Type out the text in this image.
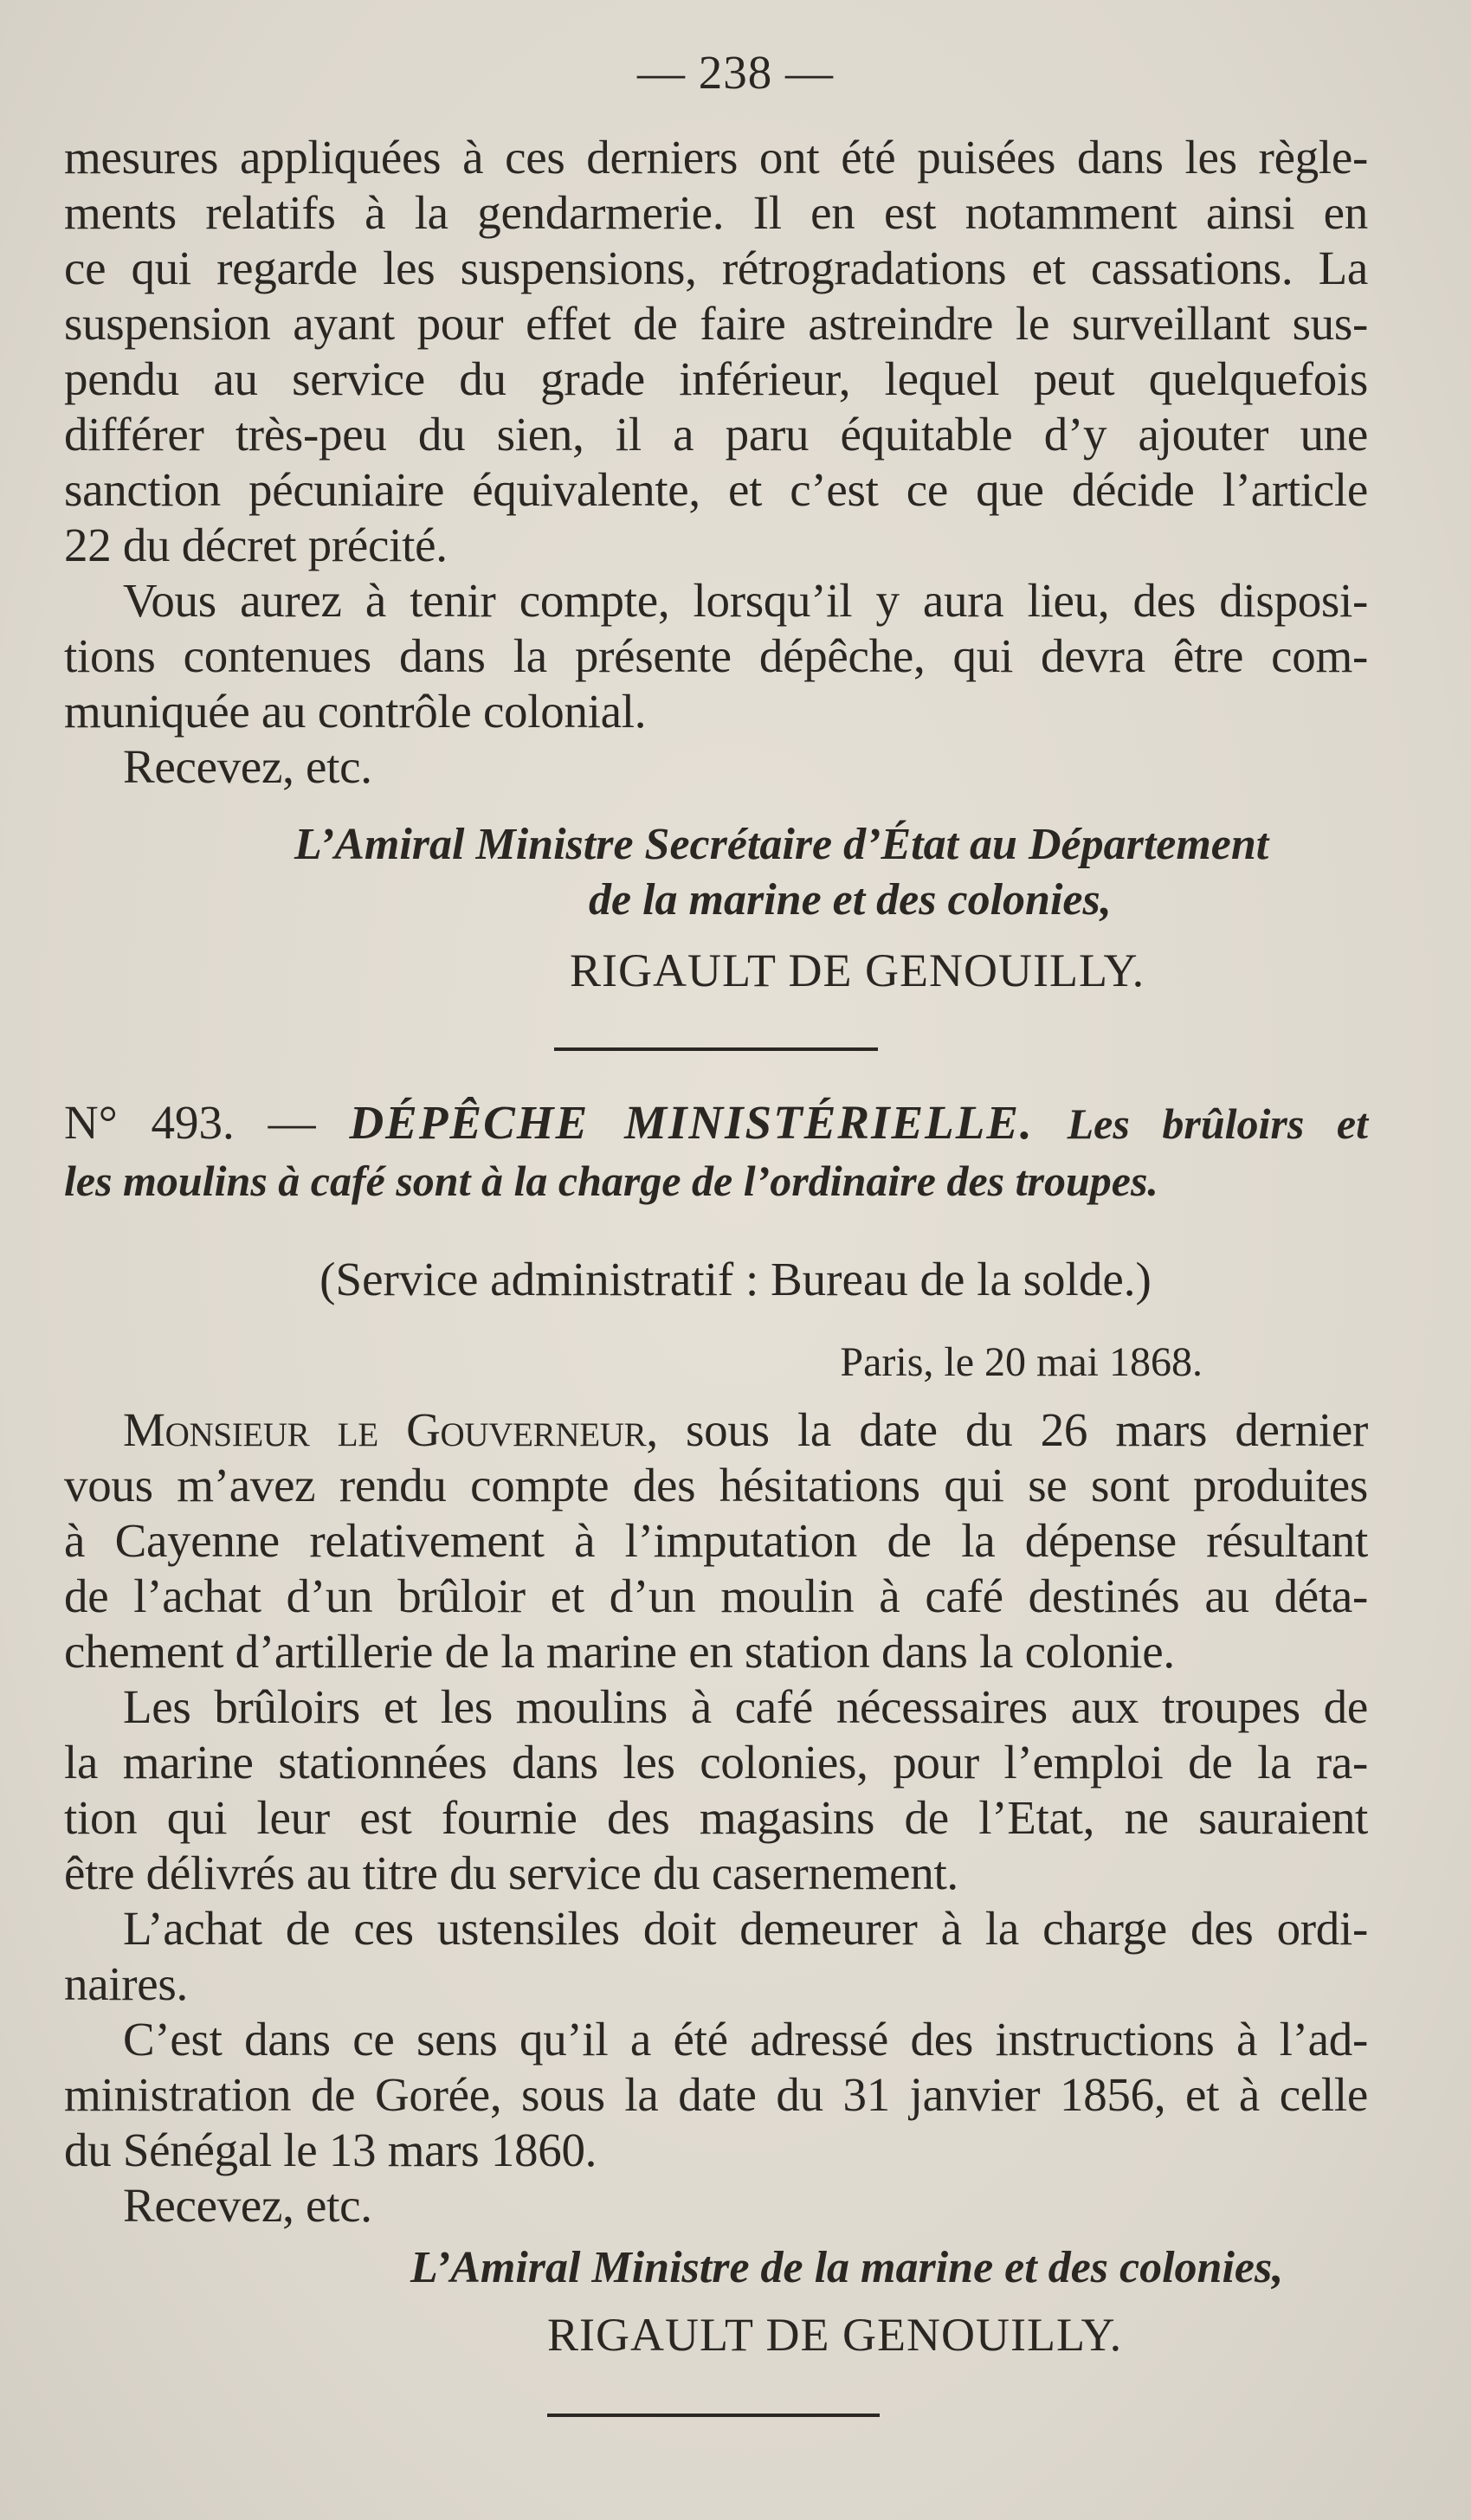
— 238 —
mesures appliquées à ces derniers ont été puisées dans les règle-
ments relatifs à la gendarmerie. Il en est notamment ainsi en
ce qui regarde les suspensions, rétrogradations et cassations. La
suspension ayant pour effet de faire astreindre le surveillant sus-
pendu au service du grade inférieur, lequel peut quelquefois
différer très-peu du sien, il a paru équitable d’y ajouter une
sanction pécuniaire équivalente, et c’est ce que décide l’article
22 du décret précité.
Vous aurez à tenir compte, lorsqu’il y aura lieu, des disposi-
tions contenues dans la présente dépêche, qui devra être com-
muniquée au contrôle colonial.
Recevez, etc.
L’Amiral Ministre Secrétaire d’État au Département
de la marine et des colonies,
RIGAULT DE GENOUILLY.
N° 493. — DÉPÊCHE MINISTÉRIELLE. Les brûloirs et
les moulins à café sont à la charge de l’ordinaire des troupes.
(Service administratif : Bureau de la solde.)
Paris, le 20 mai 1868.
Monsieur le Gouverneur, sous la date du 26 mars dernier
vous m’avez rendu compte des hésitations qui se sont produites
à Cayenne relativement à l’imputation de la dépense résultant
de l’achat d’un brûloir et d’un moulin à café destinés au déta-
chement d’artillerie de la marine en station dans la colonie.
Les brûloirs et les moulins à café nécessaires aux troupes de
la marine stationnées dans les colonies, pour l’emploi de la ra-
tion qui leur est fournie des magasins de l’Etat, ne sauraient
être délivrés au titre du service du casernement.
L’achat de ces ustensiles doit demeurer à la charge des ordi-
naires.
C’est dans ce sens qu’il a été adressé des instructions à l’ad-
ministration de Gorée, sous la date du 31 janvier 1856, et à celle
du Sénégal le 13 mars 1860.
Recevez, etc.
L’Amiral Ministre de la marine et des colonies,
RIGAULT DE GENOUILLY.
